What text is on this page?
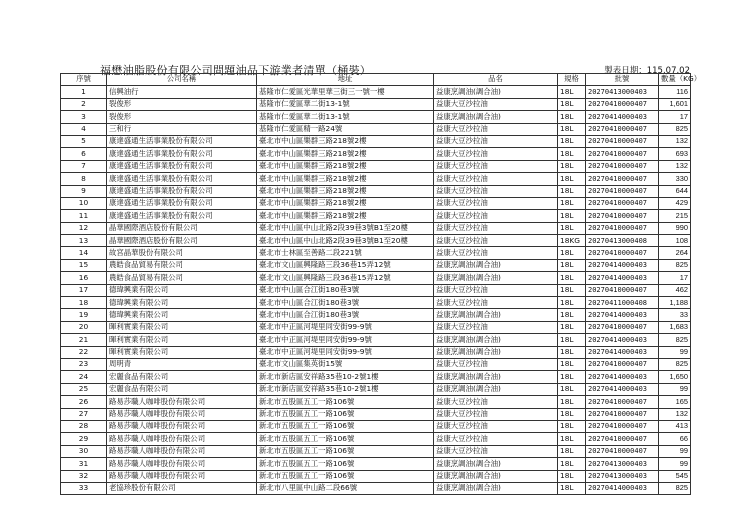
福懋油脂股份有限公司問題油品下游業者清單（桶裝）	製表日期：115.07.02
序號	公司名稱	地址	品名	規格	批號	數量（KG）
1	信興油行	基隆市仁愛區光華里華三街三一號一樓	益康烹調油(調合油)	18L	20270413000403	116
2	裂俊形	基隆市仁愛區華二街13-1號	益康大豆沙拉油	18L	20270410000407	1,601
3	裂俊形	基隆市仁愛區華二街13-1號	益康烹調油(調合油)	18L	20270414000403	17
4	三和行	基隆市仁愛區精一路24號	益康大豆沙拉油	18L	20270410000407	825
5	康達盛通生活事業股份有限公司	臺北市中山區樂群三路218號2樓	益康大豆沙拉油	18L	20270410000407	132
6	康達盛通生活事業股份有限公司	臺北市中山區樂群三路218號2樓	益康大豆沙拉油	18L	20270410000407	693
7	康達盛通生活事業股份有限公司	臺北市中山區樂群三路218號2樓	益康大豆沙拉油	18L	20270410000407	132
8	康達盛通生活事業股份有限公司	臺北市中山區樂群三路218號2樓	益康大豆沙拉油	18L	20270410000407	330
9	康達盛通生活事業股份有限公司	臺北市中山區樂群三路218號2樓	益康大豆沙拉油	18L	20270410000407	644
10	康達盛通生活事業股份有限公司	臺北市中山區樂群三路218號2樓	益康大豆沙拉油	18L	20270410000407	429
11	康達盛通生活事業股份有限公司	臺北市中山區樂群三路218號2樓	益康大豆沙拉油	18L	20270410000407	215
12	晶華國際酒店股份有限公司	臺北市中山區中山北路2段39巷3號B1至20樓	益康大豆沙拉油	18L	20270410000407	990
13	晶華國際酒店股份有限公司	臺北市中山區中山北路2段39巷3號B1至20樓	益康大豆沙拉油	18KG	20270413000408	108
14	故宮晶華股份有限公司	臺北市士林區至善路二段221號	益康大豆沙拉油	18L	20270410000407	264
15	農皓食品貿易有限公司	臺北市文山區興隆路三段36巷15弄12號	益康烹調油(調合油)	18L	20270414000403	825
16	農皓食品貿易有限公司	臺北市文山區興隆路三段36巷15弄12號	益康烹調油(調合油)	18L	20270414000403	17
17	德瑋興業有限公司	臺北市中山區合江街180巷3號	益康大豆沙拉油	18L	20270410000407	462
18	德瑋興業有限公司	臺北市中山區合江街180巷3號	益康大豆沙拉油	18L	20270411000408	1,188
19	德瑋興業有限公司	臺北市中山區合江街180巷3號	益康烹調油(調合油)	18L	20270414000403	33
20	暉利實業有限公司	臺北市中正區河堤里同安街99-9號	益康大豆沙拉油	18L	20270410000407	1,683
21	暉利實業有限公司	臺北市中正區河堤里同安街99-9號	益康烹調油(調合油)	18L	20270414000403	825
22	暉利實業有限公司	臺北市中正區河堤里同安街99-9號	益康烹調油(調合油)	18L	20270414000403	99
23	周明青	臺北市文山區集英街15號	益康大豆沙拉油	18L	20270410000407	825
24	宏麗食品有限公司	新北市新店區安祥路35巷10-2號1樓	益康烹調油(調合油)	18L	20270414000403	1,650
25	宏麗食品有限公司	新北市新店區安祥路35巷10-2號1樓	益康烹調油(調合油)	18L	20270414000403	99
26	路易莎職人咖啡股份有限公司	新北市五股區五工一路106號	益康大豆沙拉油	18L	20270410000407	165
27	路易莎職人咖啡股份有限公司	新北市五股區五工一路106號	益康大豆沙拉油	18L	20270410000407	132
28	路易莎職人咖啡股份有限公司	新北市五股區五工一路106號	益康大豆沙拉油	18L	20270410000407	413
29	路易莎職人咖啡股份有限公司	新北市五股區五工一路106號	益康大豆沙拉油	18L	20270410000407	66
30	路易莎職人咖啡股份有限公司	新北市五股區五工一路106號	益康大豆沙拉油	18L	20270410000407	99
31	路易莎職人咖啡股份有限公司	新北市五股區五工一路106號	益康烹調油(調合油)	18L	20270413000403	99
32	路易莎職人咖啡股份有限公司	新北市五股區五工一路106號	益康烹調油(調合油)	18L	20270413000403	545
33	老協珍股份有限公司	新北市八里區中山路二段66號	益康烹調油(調合油)	18L	20270414000403	825
